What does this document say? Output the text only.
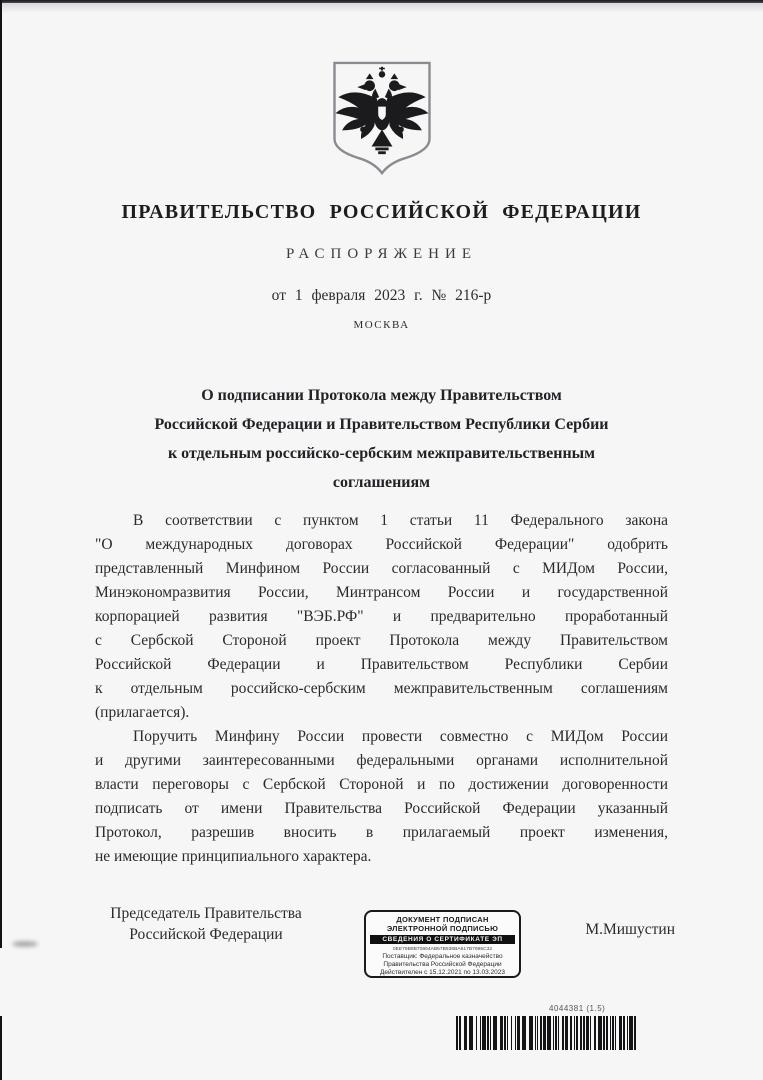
ПРАВИТЕЛЬСТВО РОССИЙСКОЙ ФЕДЕРАЦИИ
РАСПОРЯЖЕНИЕ
от 1 февраля 2023 г. № 216-р
МОСКВА
О подписании Протокола между Правительством
Российской Федерации и Правительством Республики Сербии
к отдельным российско-сербским межправительственным
соглашениям
В соответствии с пунктом 1 статьи 11 Федерального закона
"О международных договорах Российской Федерации" одобрить
представленный Минфином России согласованный с МИДом России,
Минэкономразвития России, Минтрансом России и государственной
корпорацией развития "ВЭБ.РФ" и предварительно проработанный
с Сербской Стороной проект Протокола между Правительством
Российской Федерации и Правительством Республики Сербии
к отдельным российско-сербским межправительственным соглашениям
(прилагается).
Поручить Минфину России провести совместно с МИДом России
и другими заинтересованными федеральными органами исполнительной
власти переговоры с Сербской Стороной и по достижении договоренности
подписать от имени Правительства Российской Федерации указанный
Протокол, разрешив вносить в прилагаемый проект изменения,
не имеющие принципиального характера.
Председатель Правительства
Российской Федерации
ДОКУМЕНТ ПОДПИСАН
ЭЛЕКТРОННОЙ ПОДПИСЬЮ
СВЕДЕНИЯ О СЕРТИФИКАТЕ ЭП
0EE79B8B70864AB57B536BA617B7995C32
Поставщик: Федеральное казначейство
Правительства Российской Федерации
Действителен с 15.12.2021 по 13.03.2023
М.Мишустин
4044381 (1.5)
